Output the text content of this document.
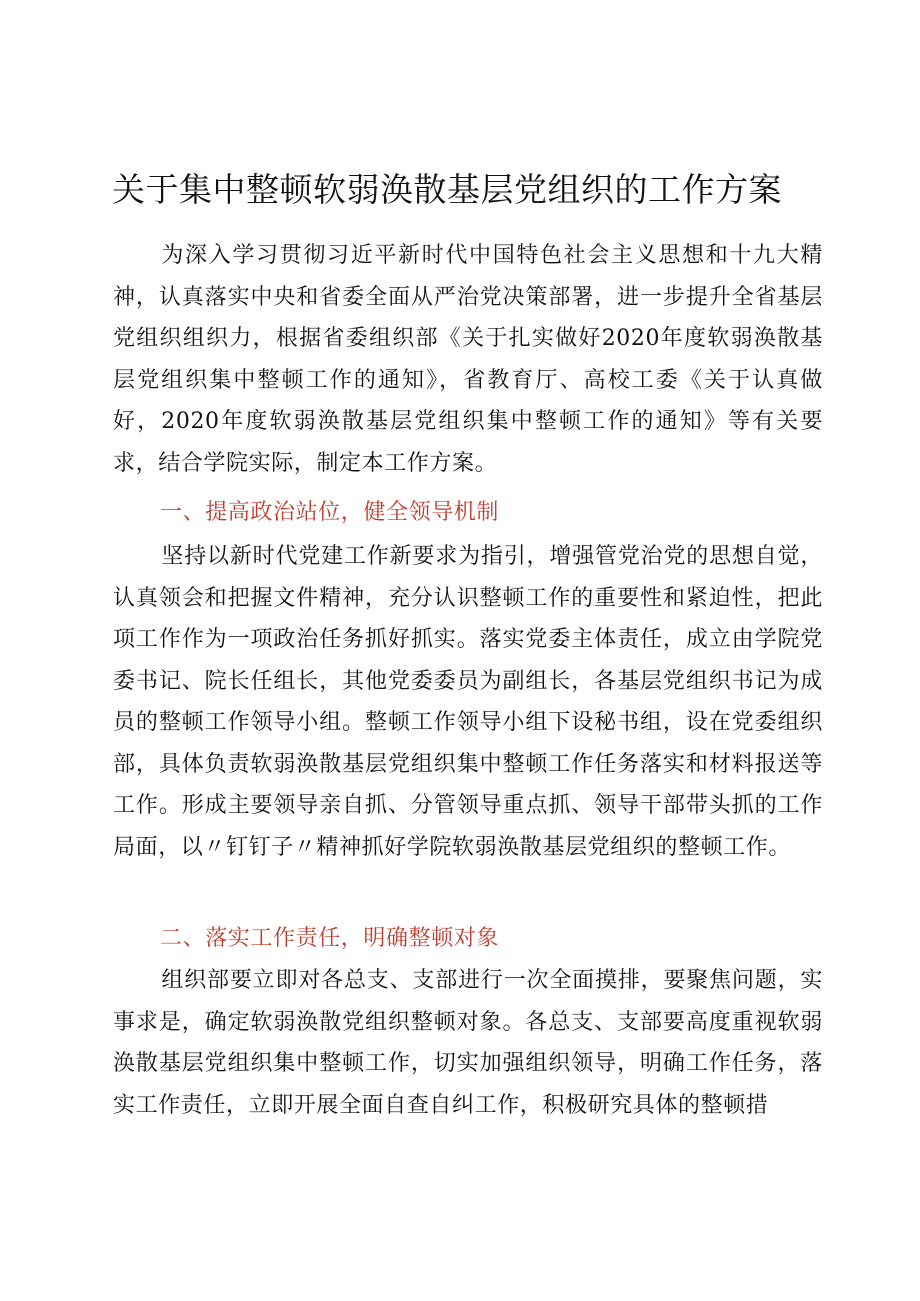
关于集中整顿软弱涣散基层党组织的工作方案

为深入学习贯彻习近平新时代中国特色社会主义思想和十九大精神，认真落实中央和省委全面从严治党决策部署，进一步提升全省基层党组织组织力，根据省委组织部《关于扎实做好2020年度软弱涣散基层党组织集中整顿工作的通知》，省教育厅、高校工委《关于认真做好，2020年度软弱涣散基层党组织集中整顿工作的通知》等有关要求，结合学院实际，制定本工作方案。

一、提高政治站位，健全领导机制

坚持以新时代党建工作新要求为指引，增强管党治党的思想自觉，认真领会和把握文件精神，充分认识整顿工作的重要性和紧迫性，把此项工作作为一项政治任务抓好抓实。落实党委主体责任，成立由学院党委书记、院长任组长，其他党委委员为副组长，各基层党组织书记为成员的整顿工作领导小组。整顿工作领导小组下设秘书组，设在党委组织部，具体负责软弱涣散基层党组织集中整顿工作任务落实和材料报送等工作。形成主要领导亲自抓、分管领导重点抓、领导干部带头抓的工作局面，以〃钉钉子〃精神抓好学院软弱涣散基层党组织的整顿工作。

二、落实工作责任，明确整顿对象

组织部要立即对各总支、支部进行一次全面摸排，要聚焦问题，实事求是，确定软弱涣散党组织整顿对象。各总支、支部要高度重视软弱涣散基层党组织集中整顿工作，切实加强组织领导，明确工作任务，落实工作责任，立即开展全面自查自纠工作，积极研究具体的整顿措
